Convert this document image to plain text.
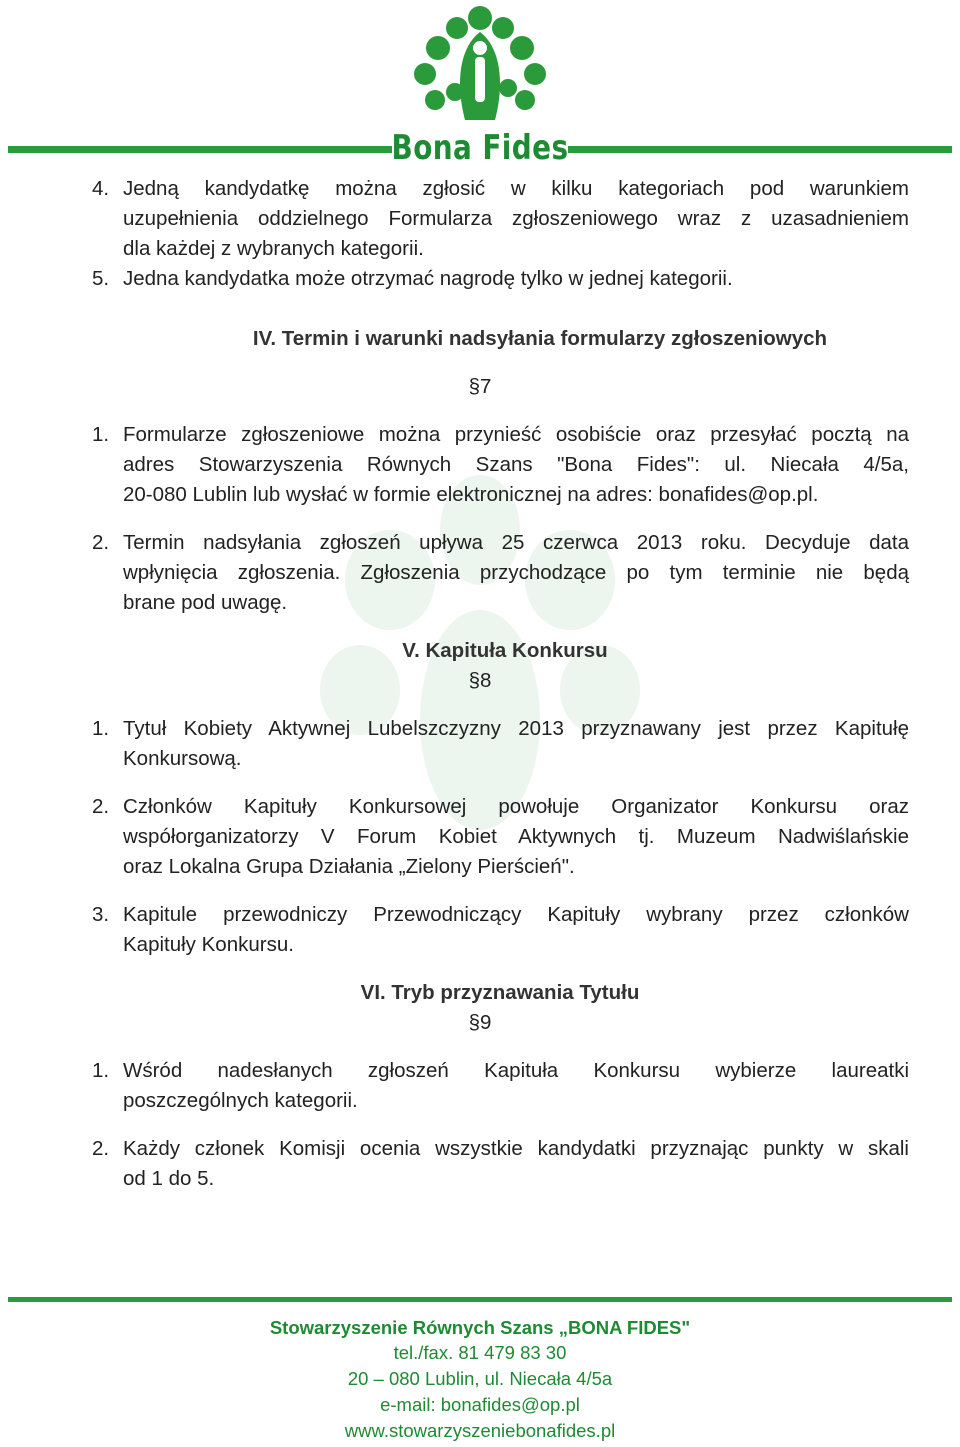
Bona Fides
4. Jedną kandydatkę można zgłosić w kilku kategoriach pod warunkiem
uzupełnienia oddzielnego Formularza zgłoszeniowego wraz z uzasadnieniem
dla każdej z wybranych kategorii.
5. Jedna kandydatka może otrzymać nagrodę tylko w jednej kategorii.
IV. Termin i warunki nadsyłania formularzy zgłoszeniowych
§7
1. Formularze zgłoszeniowe można przynieść osobiście oraz przesyłać pocztą na
adres Stowarzyszenia Równych Szans "Bona Fides": ul. Niecała 4/5a,
20-080 Lublin lub wysłać w formie elektronicznej na adres: bonafides@op.pl.
2. Termin nadsyłania zgłoszeń upływa 25 czerwca 2013 roku. Decyduje data
wpłynięcia zgłoszenia. Zgłoszenia przychodzące po tym terminie nie będą
brane pod uwagę.
V. Kapituła Konkursu
§8
1. Tytuł Kobiety Aktywnej Lubelszczyzny 2013 przyznawany jest przez Kapitułę
Konkursową.
2. Członków Kapituły Konkursowej powołuje Organizator Konkursu oraz
współorganizatorzy V Forum Kobiet Aktywnych tj. Muzeum Nadwiślańskie
oraz Lokalna Grupa Działania „Zielony Pierścień".
3. Kapitule przewodniczy Przewodniczący Kapituły wybrany przez członków
Kapituły Konkursu.
VI. Tryb przyznawania Tytułu
§9
1. Wśród nadesłanych zgłoszeń Kapituła Konkursu wybierze laureatki
poszczególnych kategorii.
2. Każdy członek Komisji ocenia wszystkie kandydatki przyznając punkty w skali
od 1 do 5.
Stowarzyszenie Równych Szans „BONA FIDES"
tel./fax. 81 479 83 30
20 – 080 Lublin, ul. Niecała 4/5a
e-mail: bonafides@op.pl
www.stowarzyszeniebonafides.pl
